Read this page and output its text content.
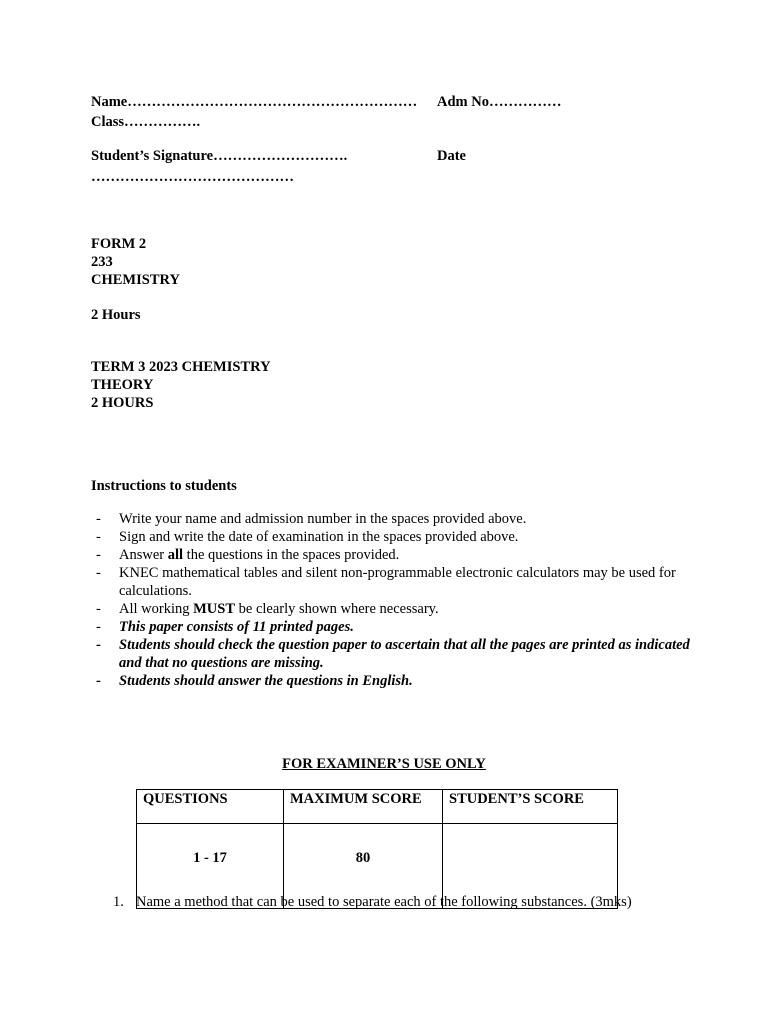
Name…………………………………………………… Adm No……………
Class…………….
Student’s Signature……………………….	Date
……………………………………
FORM 2
233
CHEMISTRY
2 Hours
TERM 3 2023 CHEMISTRY
THEORY
2 HOURS
Instructions to students
- Write your name and admission number in the spaces provided above.
- Sign and write the date of examination in the spaces provided above.
- Answer all the questions in the spaces provided.
- KNEC mathematical tables and silent non-programmable electronic calculators may be used for calculations.
- All working MUST be clearly shown where necessary.
- This paper consists of 11 printed pages.
- Students should check the question paper to ascertain that all the pages are printed as indicated and that no questions are missing.
- Students should answer the questions in English.
FOR EXAMINER’S USE ONLY
QUESTIONS	MAXIMUM SCORE	STUDENT’S SCORE
1 - 17	80	
1. Name a method that can be used to separate each of the following substances. (3mks)
